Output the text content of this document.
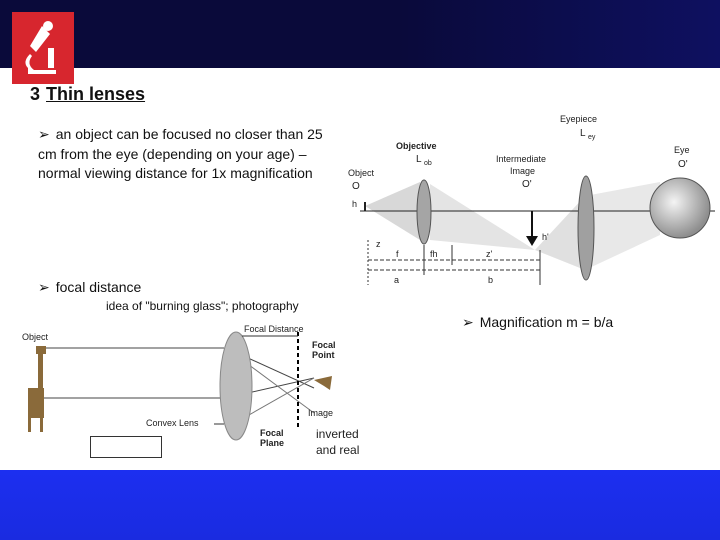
3 Thin lenses
➢ an object can be focused no closer than 25 cm from the eye (depending on your age) – normal viewing distance for 1x magnification
➢ focal distance
idea of "burning glass"; photography
➢ Magnification m = b/a
Eyepiece
L ey
Objective
L ob	Intermediate
Image
O'
Object
O
Eye
O'
h
h'
z
f	fh	z'
a	b
Object
Focal Distance
Focal
Point
Image
Convex Lens
Focal
Plane
inverted
and real
